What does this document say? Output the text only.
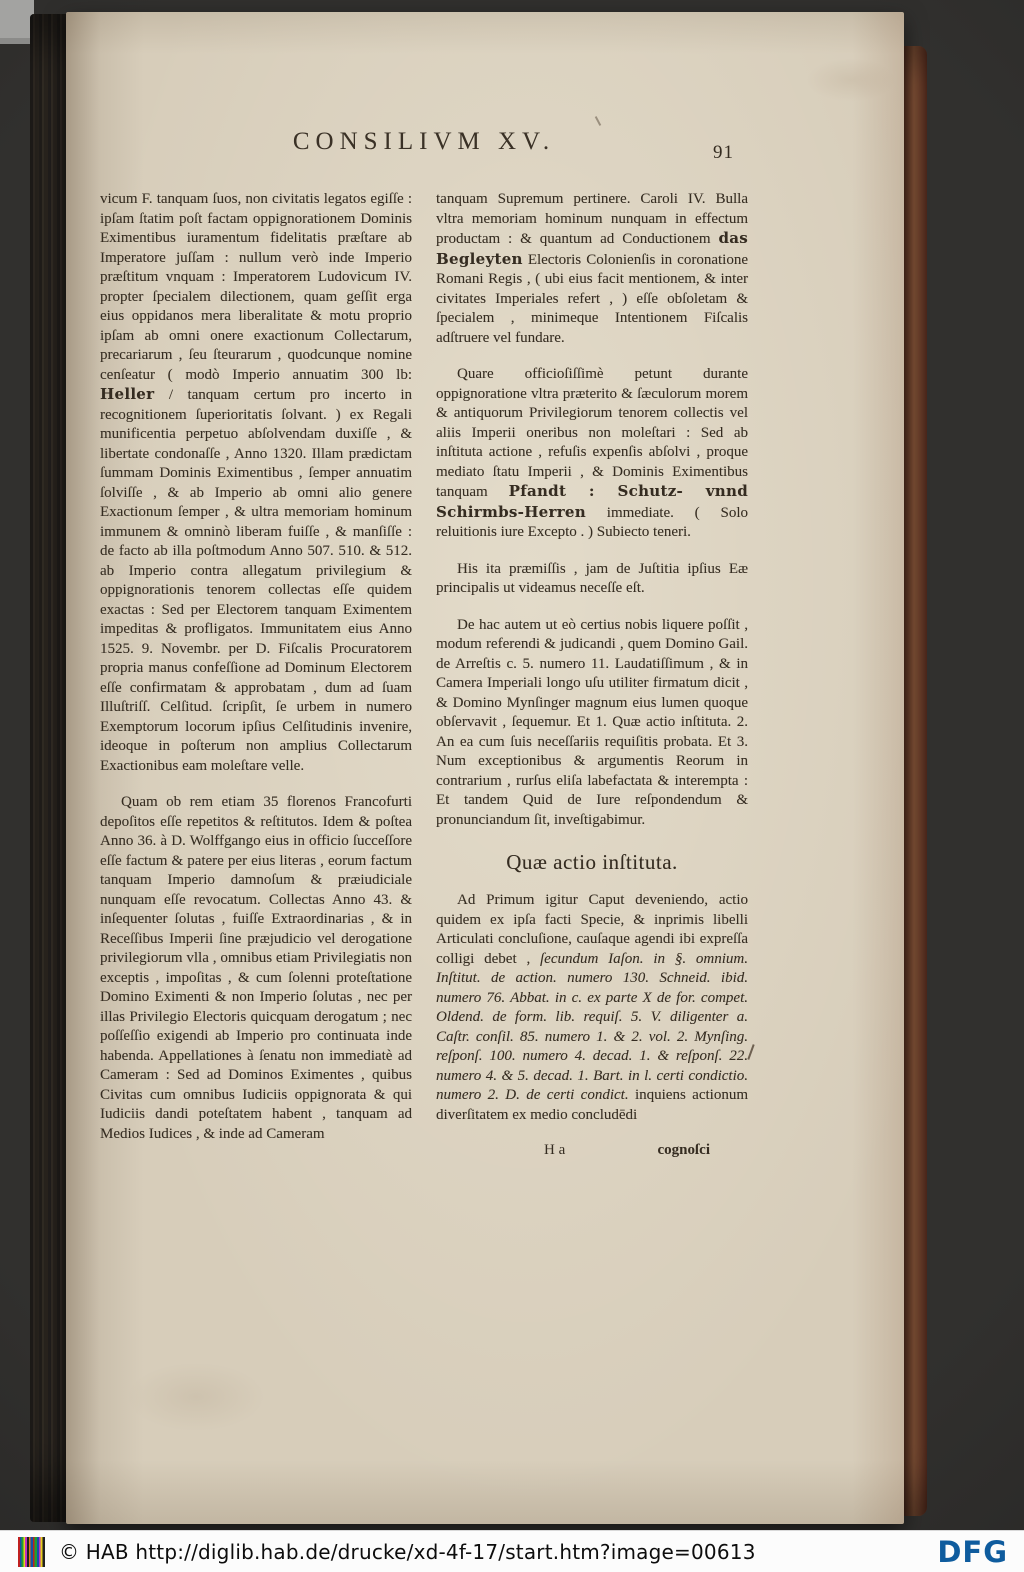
CONSILIVM XV.	91

vicum F. tanquam ſuos, non civitatis legatos egiſſe : ipſam ſtatim poſt factam oppignorationem Dominis Eximentibus iuramentum fidelitatis præſtare ab Imperatore juſſam : nullum verò inde Imperio præſtitum vnquam : Imperatorem Ludovicum IV. propter ſpecialem dilectionem, quam geſſit erga eius oppidanos mera liberalitate & motu proprio ipſam ab omni onere exactionum Collectarum, precariarum , ſeu ſteurarum , quodcunque nomine cenſeatur ( modò Imperio annuatim 300 lb: Heller / tanquam certum pro incerto in recognitionem ſuperioritatis ſolvant. ) ex Regali munificentia perpetuo abſolvendam duxiſſe , & libertate condonaſſe , Anno 1320. Illam prædictam ſummam Dominis Eximentibus , ſemper annuatim ſolviſſe , & ab Imperio ab omni alio genere Exactionum ſemper , & ultra memoriam hominum immunem & omninò liberam fuiſſe , & manſiſſe : de facto ab illa poſtmodum Anno 507. 510. & 512. ab Imperio contra allegatum privilegium & oppignorationis tenorem collectas eſſe quidem exactas : Sed per Electorem tanquam Eximentem impeditas & profligatos. Immunitatem eius Anno 1525. 9. Novembr. per D. Fiſcalis Procuratorem propria manus confeſſione ad Dominum Electorem eſſe confirmatam & approbatam , dum ad ſuam Illuſtriſſ. Celſitud. ſcripſit, ſe urbem in numero Exemptorum locorum ipſius Celſitudinis invenire, ideoque in poſterum non amplius Collectarum Exactionibus eam moleſtare velle.

Quam ob rem etiam 35 florenos Francofurti depoſitos eſſe repetitos & reſtitutos. Idem & poſtea Anno 36. à D. Wolffgango eius in officio ſucceſſore eſſe factum & patere per eius literas , eorum factum tanquam Imperio damnoſum & præiudiciale nunquam eſſe revocatum. Collectas Anno 43. & inſequenter ſolutas , fuiſſe Extraordinarias , & in Receſſibus Imperii ſine præjudicio vel derogatione privilegiorum vlla , omnibus etiam Privilegiatis non exceptis , impoſitas , & cum ſolenni proteſtatione Domino Eximenti & non Imperio ſolutas , nec per illas Privilegio Electoris quicquam derogatum ; nec poſſeſſio exigendi ab Imperio pro continuata inde habenda. Appellationes à ſenatu non immediatè ad Cameram : Sed ad Dominos Eximentes , quibus Civitas cum omnibus Iudiciis oppignorata & qui Iudiciis dandi poteſtatem habent , tanquam ad Medios Iudices , & inde ad Cameram

tanquam Supremum pertinere. Caroli IV. Bulla vltra memoriam hominum nunquam in effectum productam : & quantum ad Conductionem das Begleyten Electoris Colonienſis in coronatione Romani Regis , ( ubi eius facit mentionem, & inter civitates Imperiales refert , ) eſſe obſoletam & ſpecialem , minimeque Intentionem Fiſcalis adſtruere vel fundare.

Quare officioſiſſimè petunt durante oppignoratione vltra præterito & ſæculorum morem & antiquorum Privilegiorum tenorem collectis vel aliis Imperii oneribus non moleſtari : Sed ab inſtituta actione , refuſis expenſis abſolvi , proque mediato ſtatu Imperii , & Dominis Eximentibus tanquam Pfandt : Schutz- vnnd Schirmbs-Herren immediate. ( Solo reluitionis iure Excepto . ) Subiecto teneri.

His ita præmiſſis , jam de Juſtitia ipſius Eæ principalis ut videamus neceſſe eſt.

De hac autem ut eò certius nobis liquere poſſit , modum referendi & judicandi , quem Domino Gail. de Arreſtis c. 5. numero 11. Laudatiſſimum , & in Camera Imperiali longo uſu utiliter firmatum dicit , & Domino Mynſinger magnum eius lumen quoque obſervavit , ſequemur. Et 1. Quæ actio inſtituta. 2. An ea cum ſuis neceſſariis requiſitis probata. Et 3. Num exceptionibus & argumentis Reorum in contrarium , rurſus eliſa labefactata & interempta : Et tandem Quid de Iure reſpondendum & pronunciandum ſit, inveſtigabimur.

Quæ actio inſtituta.

Ad Primum igitur Caput deveniendo, actio quidem ex ipſa facti Specie, & inprimis libelli Articulati concluſione, cauſaque agendi ibi expreſſa colligi debet , ſecundum Iaſon. in §. omnium. Inſtitut. de action. numero 130. Schneid. ibid. numero 76. Abbat. in c. ex parte X de for. compet. Oldend. de form. lib. requiſ. 5. V. diligenter a. Caſtr. conſil. 85. numero 1. & 2. vol. 2. Mynſing. reſponſ. 100. numero 4. decad. 1. & reſponſ. 22. numero 4. & 5. decad. 1. Bart. in l. certi condictio. numero 2. D. de certi condict. inquiens actionum diverſitatem ex medio concludēdi

H a	cognoſci
© HAB http://diglib.hab.de/drucke/xd-4f-17/start.htm?image=00613	DFG
